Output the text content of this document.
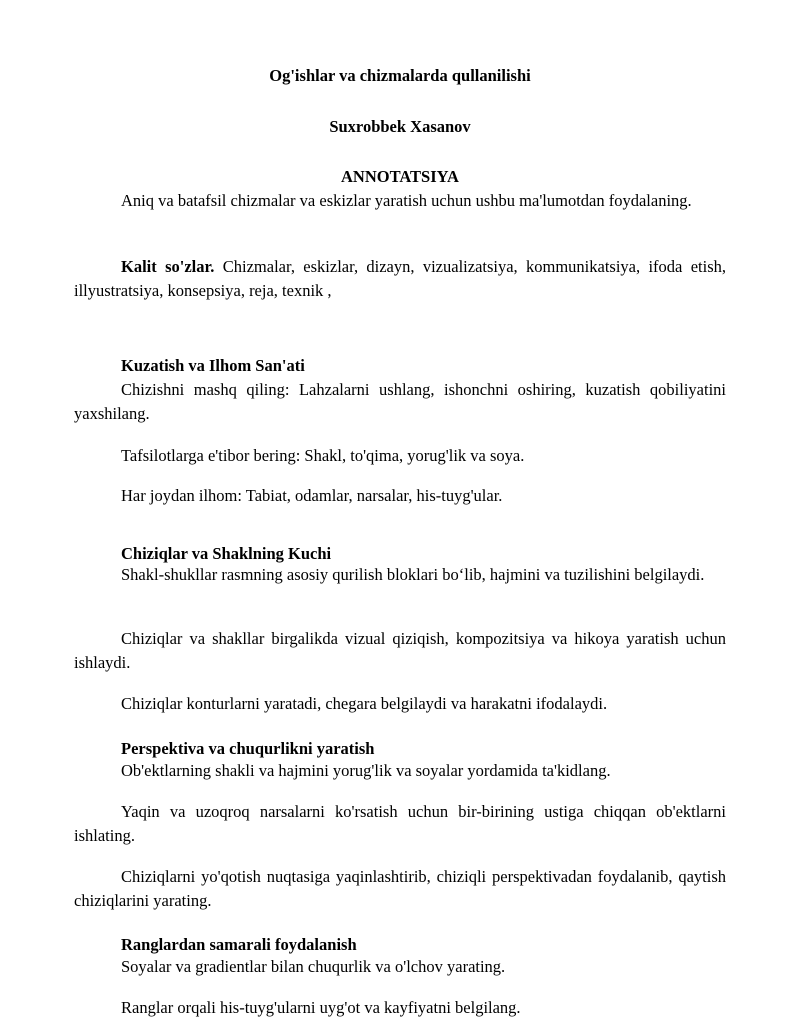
Og'ishlar va chizmalarda qullanilishi
Suxrobbek Xasanov
ANNOTATSIYA
Aniq va batafsil chizmalar va eskizlar yaratish uchun ushbu ma'lumotdan foydalaning.
Kalit so'zlar. Chizmalar, eskizlar, dizayn, vizualizatsiya, kommunikatsiya, ifoda etish, illyustratsiya, konsepsiya, reja, texnik ,
Kuzatish va Ilhom San'ati
Chizishni mashq qiling: Lahzalarni ushlang, ishonchni oshiring, kuzatish qobiliyatini yaxshilang.
Tafsilotlarga e'tibor bering: Shakl, to'qima, yorug'lik va soya.
Har joydan ilhom: Tabiat, odamlar, narsalar, his-tuyg'ular.
Chiziqlar va Shaklning Kuchi
Shakl-shukllar rasmning asosiy qurilish bloklari bo‘lib, hajmini va tuzilishini belgilaydi.
Chiziqlar va shakllar birgalikda vizual qiziqish, kompozitsiya va hikoya yaratish uchun ishlaydi.
Chiziqlar konturlarni yaratadi, chegara belgilaydi va harakatni ifodalaydi.
Perspektiva va chuqurlikni yaratish
Ob'ektlarning shakli va hajmini yorug'lik va soyalar yordamida ta'kidlang.
Yaqin va uzoqroq narsalarni ko'rsatish uchun bir-birining ustiga chiqqan ob'ektlarni ishlating.
Chiziqlarni yo'qotish nuqtasiga yaqinlashtirib, chiziqli perspektivadan foydalanib, qaytish chiziqlarini yarating.
Ranglardan samarali foydalanish
Soyalar va gradientlar bilan chuqurlik va o'lchov yarating.
Ranglar orqali his-tuyg'ularni uyg'ot va kayfiyatni belgilang.
